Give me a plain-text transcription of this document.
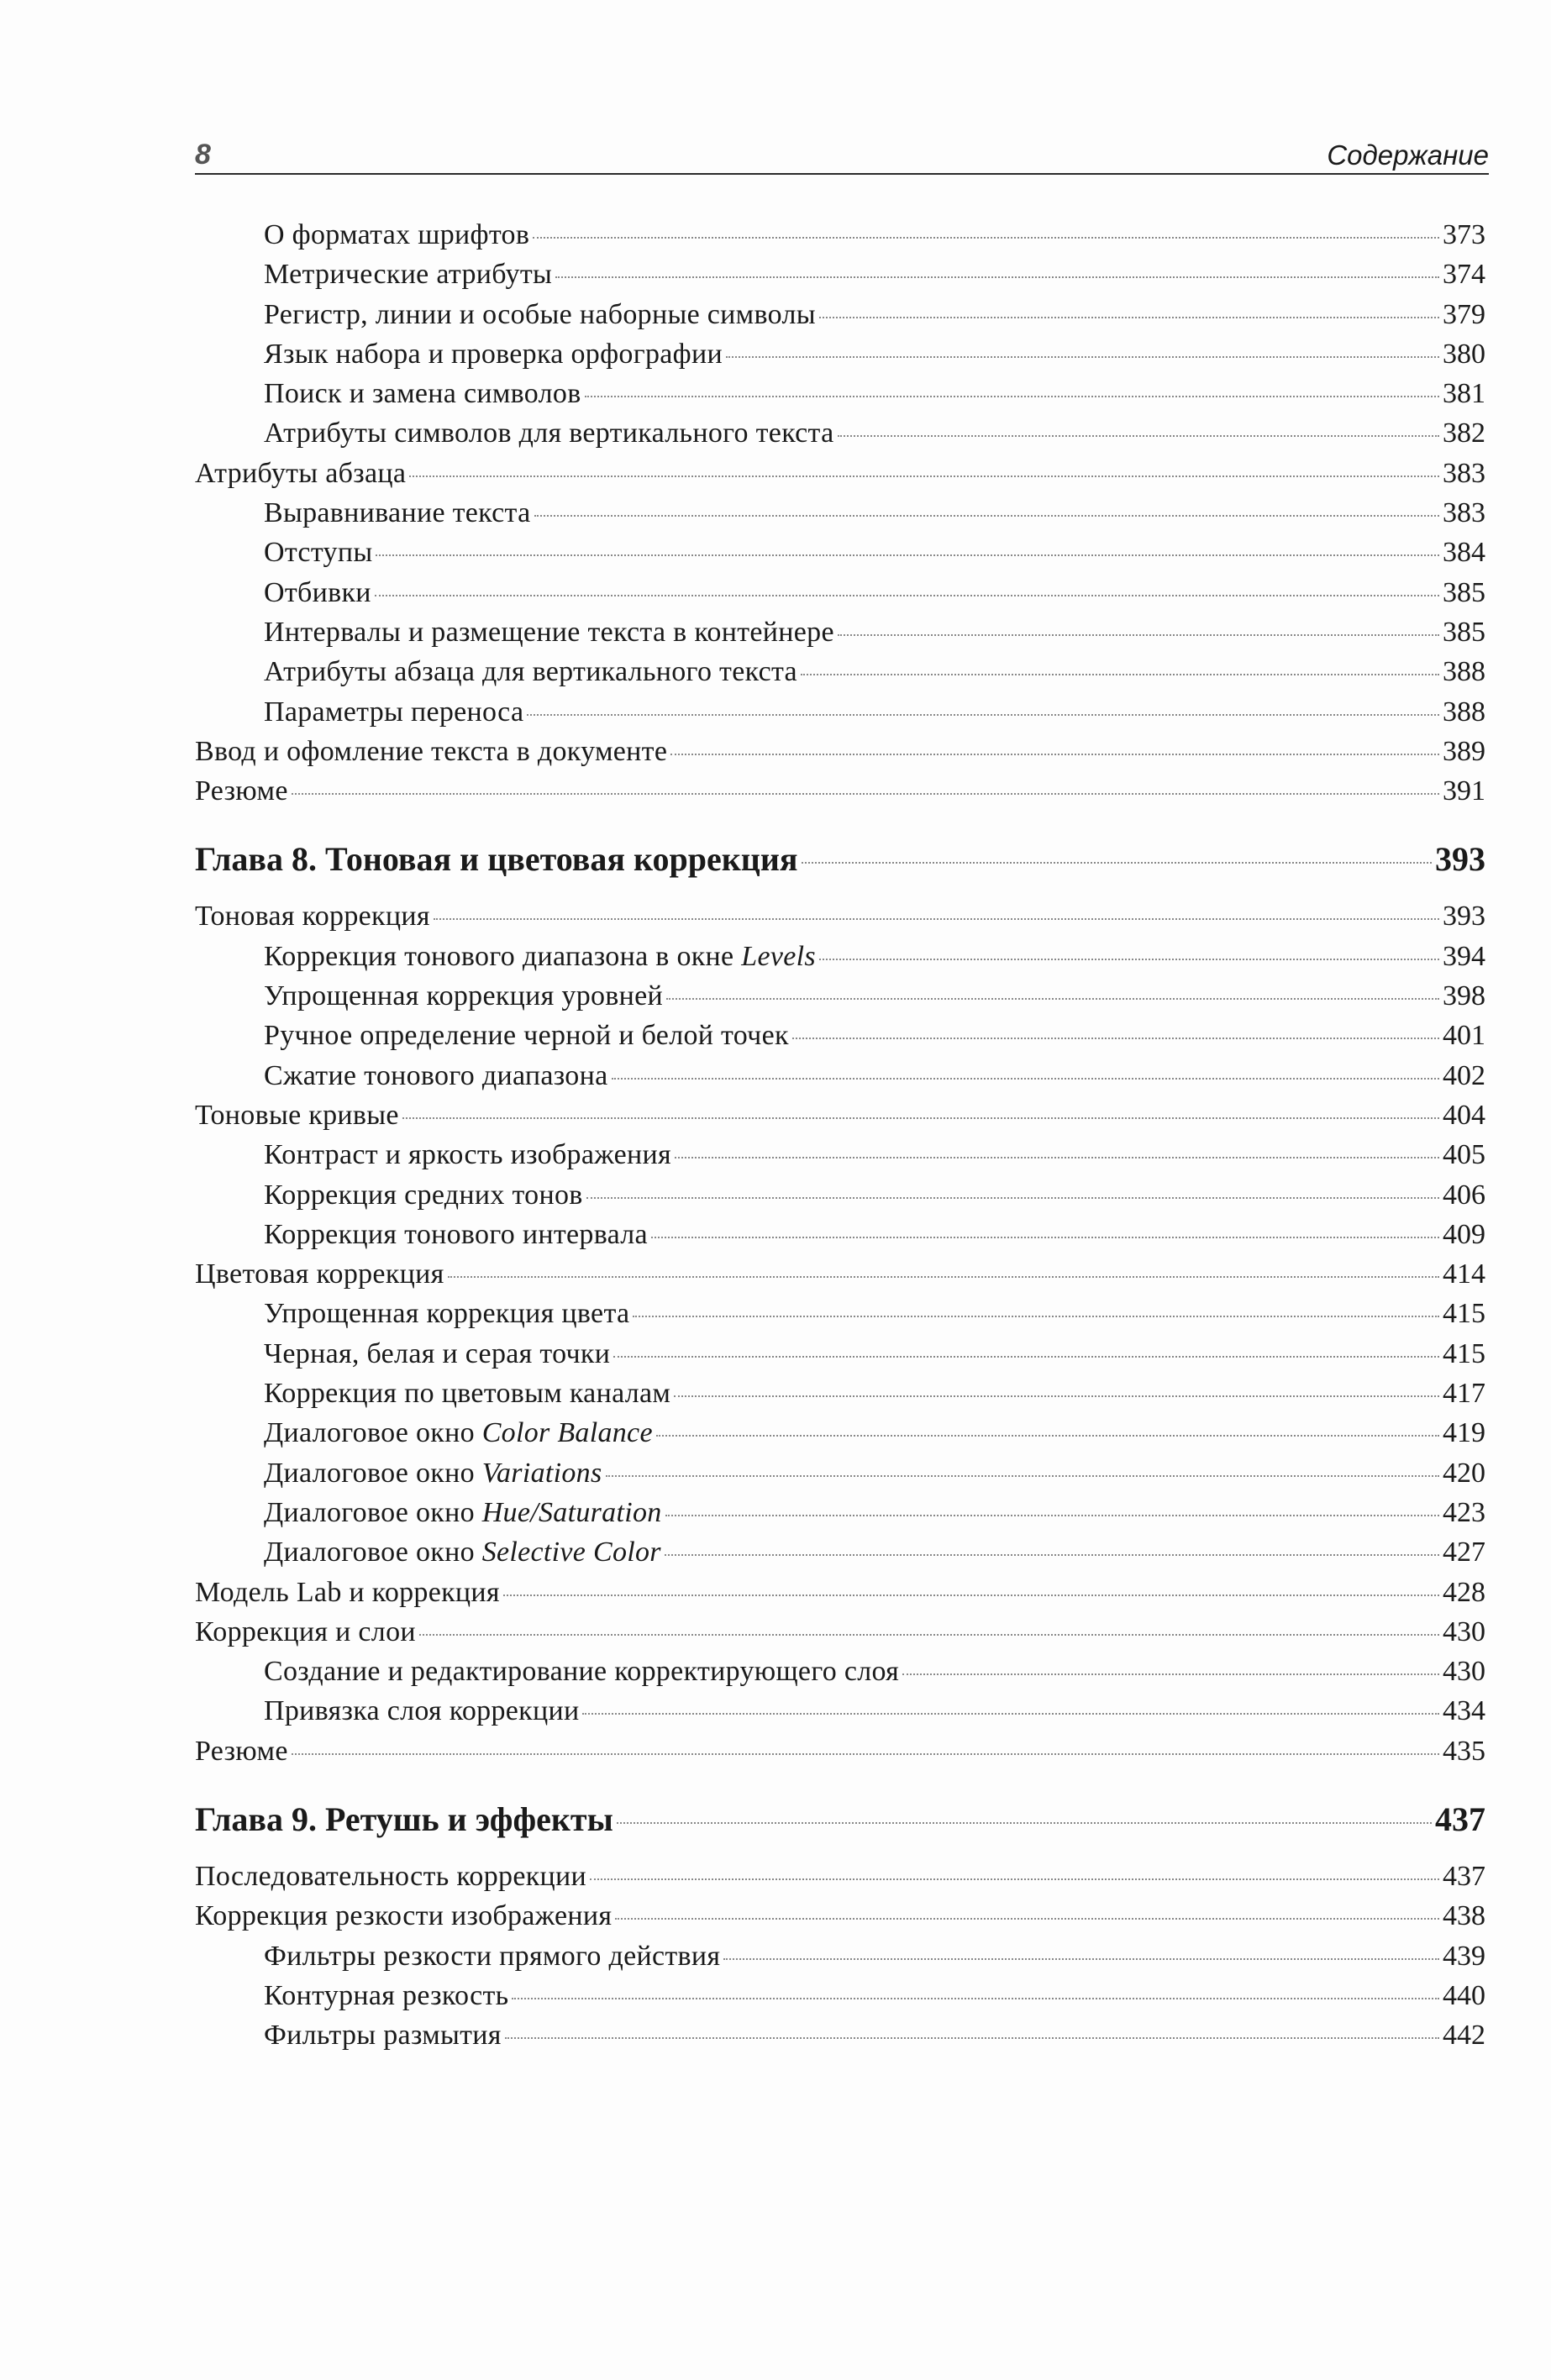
8	Содержание
О форматах шрифтов	373
Метрические атрибуты	374
Регистр, линии и особые наборные символы	379
Язык набора и проверка орфографии	380
Поиск и замена символов	381
Атрибуты символов для вертикального текста	382
Атрибуты абзаца	383
Выравнивание текста	383
Отступы	384
Отбивки	385
Интервалы и размещение текста в контейнере	385
Атрибуты абзаца для вертикального текста	388
Параметры переноса	388
Ввод и офомление текста в документе	389
Резюме	391
Глава 8. Тоновая и цветовая коррекция	393
Тоновая коррекция	393
Коррекция тонового диапазона в окне Levels	394
Упрощенная коррекция уровней	398
Ручное определение черной и белой точек	401
Сжатие тонового диапазона	402
Тоновые кривые	404
Контраст и яркость изображения	405
Коррекция средних тонов	406
Коррекция тонового интервала	409
Цветовая коррекция	414
Упрощенная коррекция цвета	415
Черная, белая и серая точки	415
Коррекция по цветовым каналам	417
Диалоговое окно Color Balance	419
Диалоговое окно Variations	420
Диалоговое окно Hue/Saturation	423
Диалоговое окно Selective Color	427
Модель Lab и коррекция	428
Коррекция и слои	430
Создание и редактирование корректирующего слоя	430
Привязка слоя коррекции	434
Резюме	435
Глава 9. Ретушь и эффекты	437
Последовательность коррекции	437
Коррекция резкости изображения	438
Фильтры резкости прямого действия	439
Контурная резкость	440
Фильтры размытия	442
